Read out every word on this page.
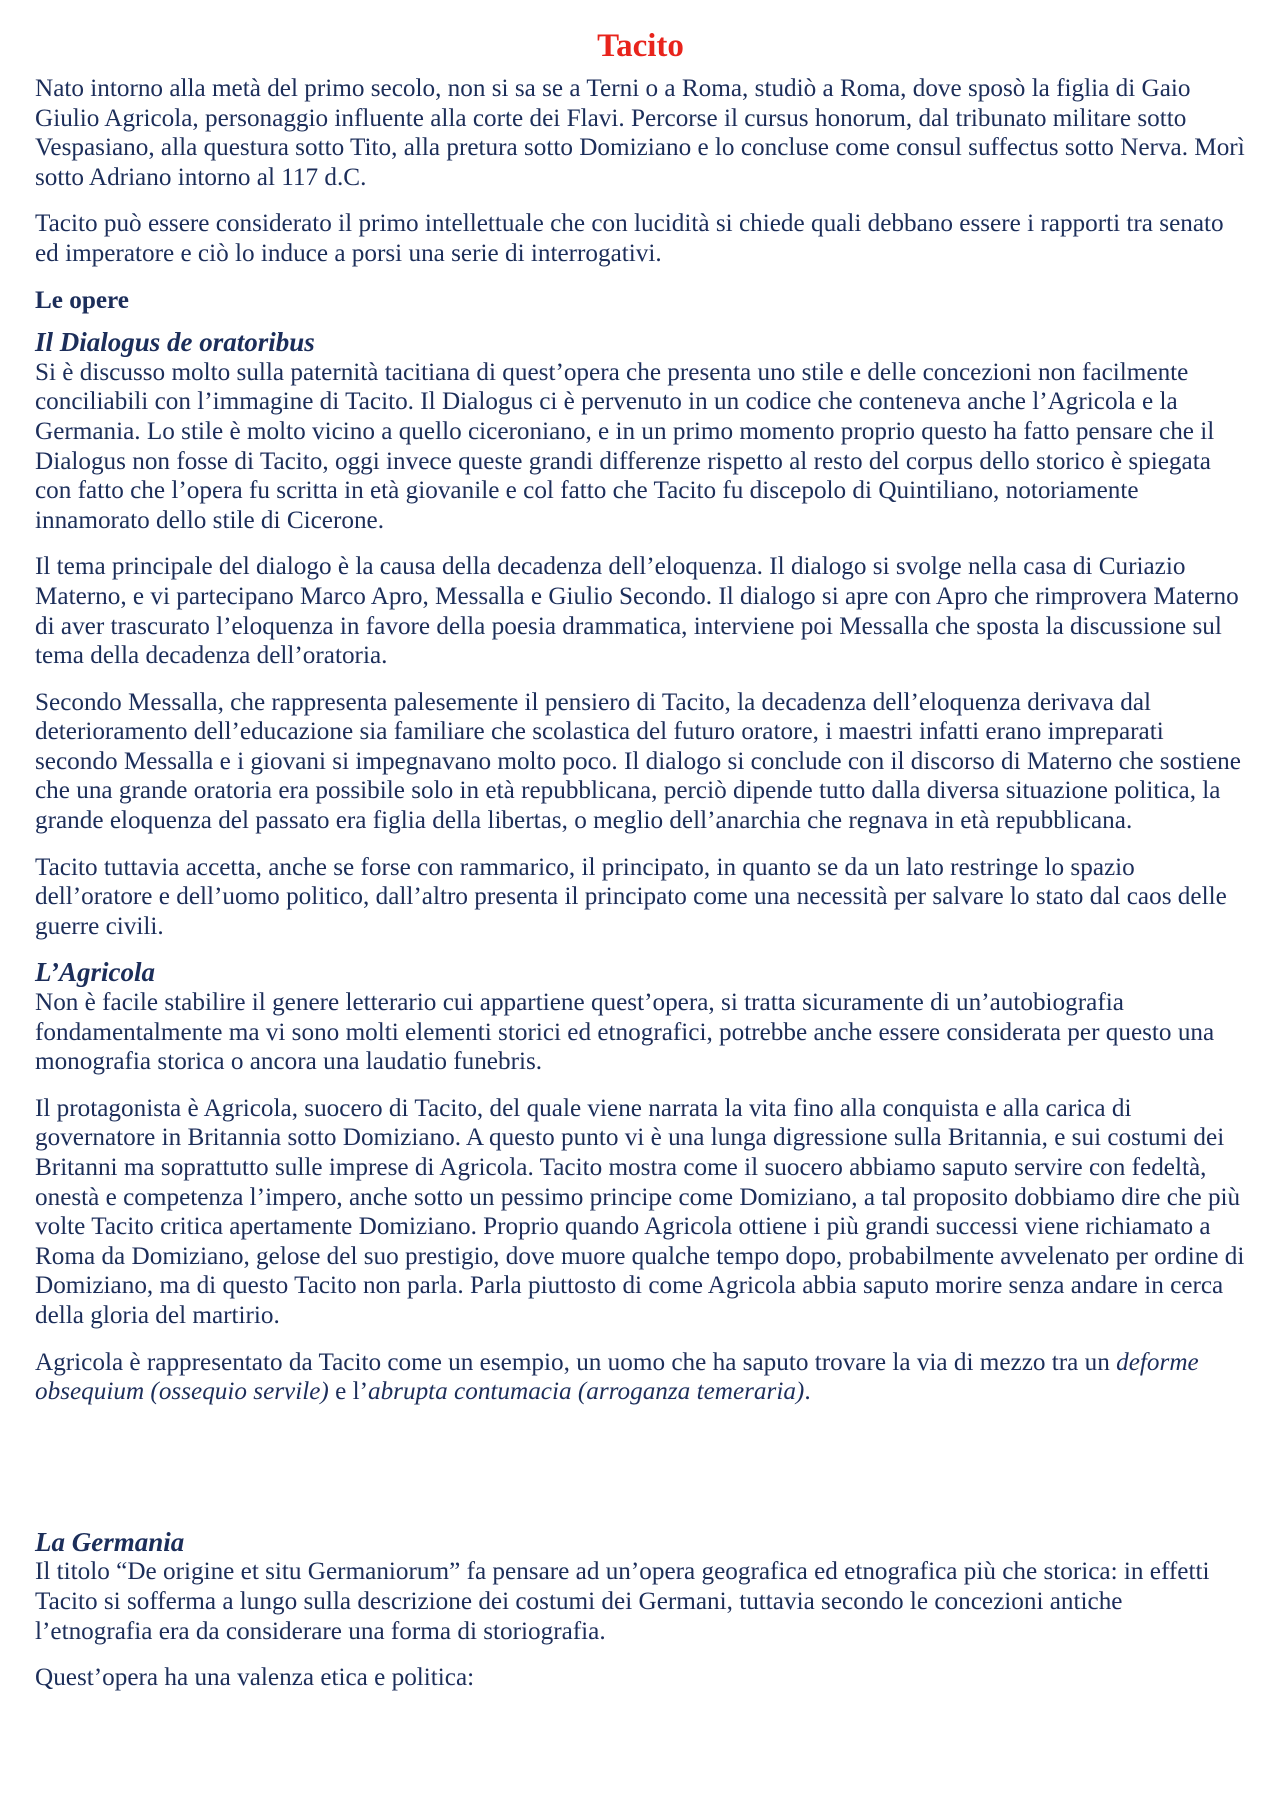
Tacito

Nato intorno alla metà del primo secolo, non si sa se a Terni o a Roma, studiò a Roma, dove sposò la figlia di Gaio Giulio Agricola, personaggio influente alla corte dei Flavi. Percorse il cursus honorum, dal tribunato militare sotto Vespasiano, alla questura sotto Tito, alla pretura sotto Domiziano e lo concluse come consul suffectus sotto Nerva. Morì sotto Adriano intorno al 117 d.C.

Tacito può essere considerato il primo intellettuale che con lucidità si chiede quali debbano essere i rapporti tra senato ed imperatore e ciò lo induce a porsi una serie di interrogativi.

Le opere

Il Dialogus de oratoribus

Si è discusso molto sulla paternità tacitiana di quest’opera che presenta uno stile e delle concezioni non facilmente conciliabili con l’immagine di Tacito. Il Dialogus ci è pervenuto in un codice che conteneva anche l’Agricola e la Germania. Lo stile è molto vicino a quello ciceroniano, e in un primo momento proprio questo ha fatto pensare che il Dialogus non fosse di Tacito, oggi invece queste grandi differenze rispetto al resto del corpus dello storico è spiegata con fatto che l’opera fu scritta in età giovanile e col fatto che Tacito fu discepolo di Quintiliano, notoriamente innamorato dello stile di Cicerone.

Il tema principale del dialogo è la causa della decadenza dell’eloquenza. Il dialogo si svolge nella casa di Curiazio Materno, e vi partecipano Marco Apro, Messalla e Giulio Secondo. Il dialogo si apre con Apro che rimprovera Materno di aver trascurato l’eloquenza in favore della poesia drammatica, interviene poi Messalla che sposta la discussione sul tema della decadenza dell’oratoria.

Secondo Messalla, che rappresenta palesemente il pensiero di Tacito, la decadenza dell’eloquenza derivava dal deterioramento dell’educazione sia familiare che scolastica del futuro oratore, i maestri infatti erano impreparati secondo Messalla e i giovani si impegnavano molto poco. Il dialogo si conclude con il discorso di Materno che sostiene che una grande oratoria era possibile solo in età repubblicana, perciò dipende tutto dalla diversa situazione politica, la grande eloquenza del passato era figlia della libertas, o meglio dell’anarchia che regnava in età repubblicana.

Tacito tuttavia accetta, anche se forse con rammarico, il principato, in quanto se da un lato restringe lo spazio dell’oratore e dell’uomo politico, dall’altro presenta il principato come una necessità per salvare lo stato dal caos delle guerre civili.

L’Agricola

Non è facile stabilire il genere letterario cui appartiene quest’opera, si tratta sicuramente di un’autobiografia fondamentalmente ma vi sono molti elementi storici ed etnografici, potrebbe anche essere considerata per questo una monografia storica o ancora una laudatio funebris.

Il protagonista è Agricola, suocero di Tacito, del quale viene narrata la vita fino alla conquista e alla carica di governatore in Britannia sotto Domiziano. A questo punto vi è una lunga digressione sulla Britannia, e sui costumi dei Britanni ma soprattutto sulle imprese di Agricola. Tacito mostra come il suocero abbiamo saputo servire con fedeltà, onestà e competenza l’impero, anche sotto un pessimo principe come Domiziano, a tal proposito dobbiamo dire che più volte Tacito critica apertamente Domiziano. Proprio quando Agricola ottiene i più grandi successi viene richiamato a Roma da Domiziano, gelose del suo prestigio, dove muore qualche tempo dopo, probabilmente avvelenato per ordine di Domiziano, ma di questo Tacito non parla. Parla piuttosto di come Agricola abbia saputo morire senza andare in cerca della gloria del martirio.

Agricola è rappresentato da Tacito come un esempio, un uomo che ha saputo trovare la via di mezzo tra un deforme obsequium (ossequio servile) e l’abrupta contumacia (arroganza temeraria).

La Germania

Il titolo “De origine et situ Germaniorum” fa pensare ad un’opera geografica ed etnografica più che storica: in effetti Tacito si sofferma a lungo sulla descrizione dei costumi dei Germani, tuttavia secondo le concezioni antiche l’etnografia era da considerare una forma di storiografia.

Quest’opera ha una valenza etica e politica:
